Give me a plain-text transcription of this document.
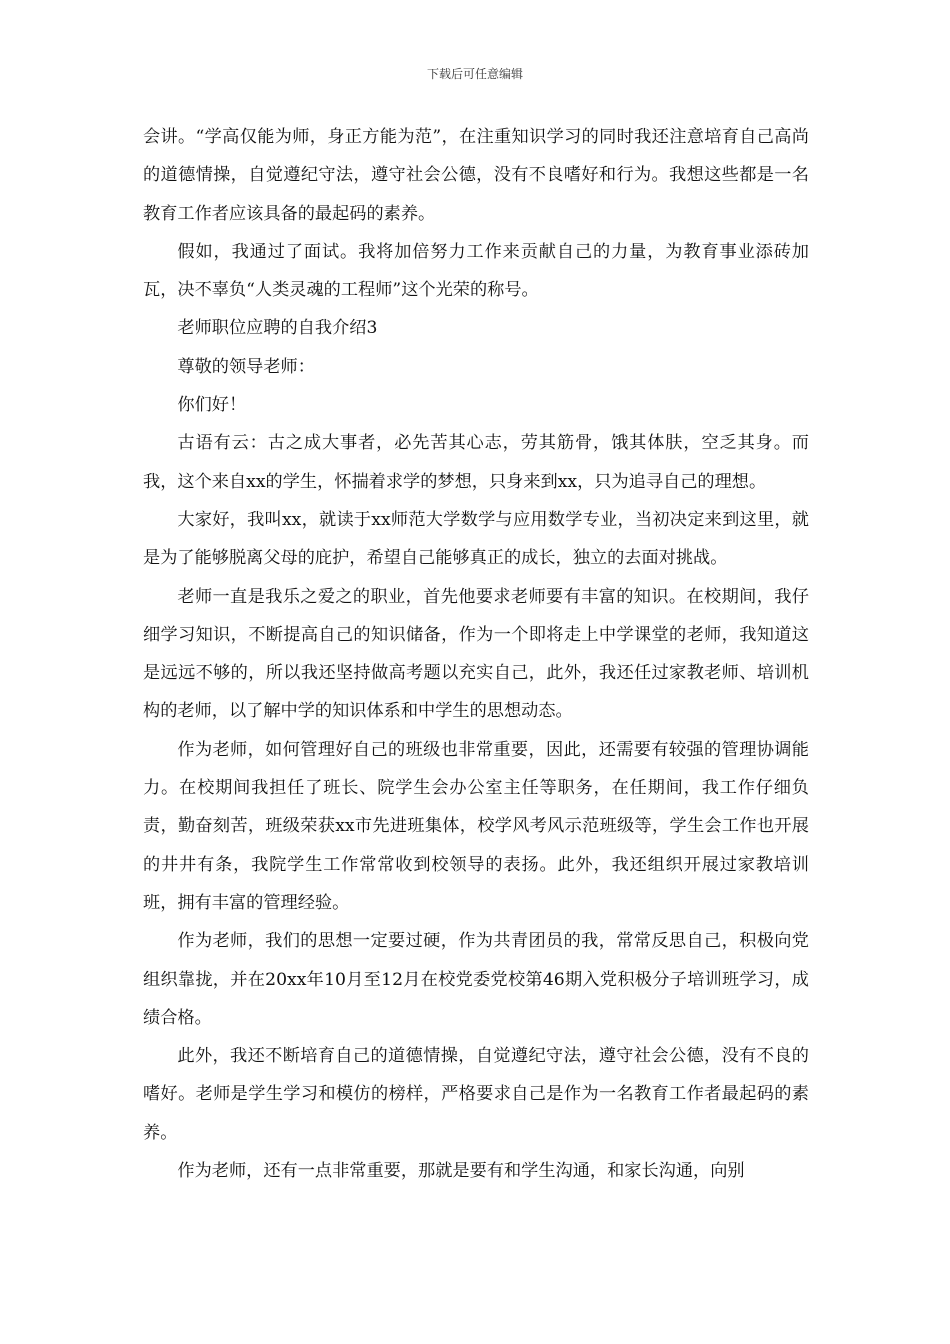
下载后可任意编辑

会讲。“学高仅能为师，身正方能为范”，在注重知识学习的同时我还注意培育自己高尚的道德情操，自觉遵纪守法，遵守社会公德，没有不良嗜好和行为。我想这些都是一名教育工作者应该具备的最起码的素养。

假如，我通过了面试。我将加倍努力工作来贡献自己的力量，为教育事业添砖加瓦，决不辜负“人类灵魂的工程师”这个光荣的称号。

老师职位应聘的自我介绍3

尊敬的领导老师：

你们好！

古语有云：古之成大事者，必先苦其心志，劳其筋骨，饿其体肤，空乏其身。而我，这个来自xx的学生，怀揣着求学的梦想，只身来到xx，只为追寻自己的理想。

大家好，我叫xx，就读于xx师范大学数学与应用数学专业，当初决定来到这里，就是为了能够脱离父母的庇护，希望自己能够真正的成长，独立的去面对挑战。

老师一直是我乐之爱之的职业，首先他要求老师要有丰富的知识。在校期间，我仔细学习知识，不断提高自己的知识储备，作为一个即将走上中学课堂的老师，我知道这是远远不够的，所以我还坚持做高考题以充实自己，此外，我还任过家教老师、培训机构的老师，以了解中学的知识体系和中学生的思想动态。

作为老师，如何管理好自己的班级也非常重要，因此，还需要有较强的管理协调能力。在校期间我担任了班长、院学生会办公室主任等职务，在任期间，我工作仔细负责，勤奋刻苦，班级荣获xx市先进班集体，校学风考风示范班级等，学生会工作也开展的井井有条，我院学生工作常常收到校领导的表扬。此外，我还组织开展过家教培训班，拥有丰富的管理经验。

作为老师，我们的思想一定要过硬，作为共青团员的我，常常反思自己，积极向党组织靠拢，并在20xx年10月至12月在校党委党校第46期入党积极分子培训班学习，成绩合格。

此外，我还不断培育自己的道德情操，自觉遵纪守法，遵守社会公德，没有不良的嗜好。老师是学生学习和模仿的榜样，严格要求自己是作为一名教育工作者最起码的素养。

作为老师，还有一点非常重要，那就是要有和学生沟通，和家长沟通，向别
